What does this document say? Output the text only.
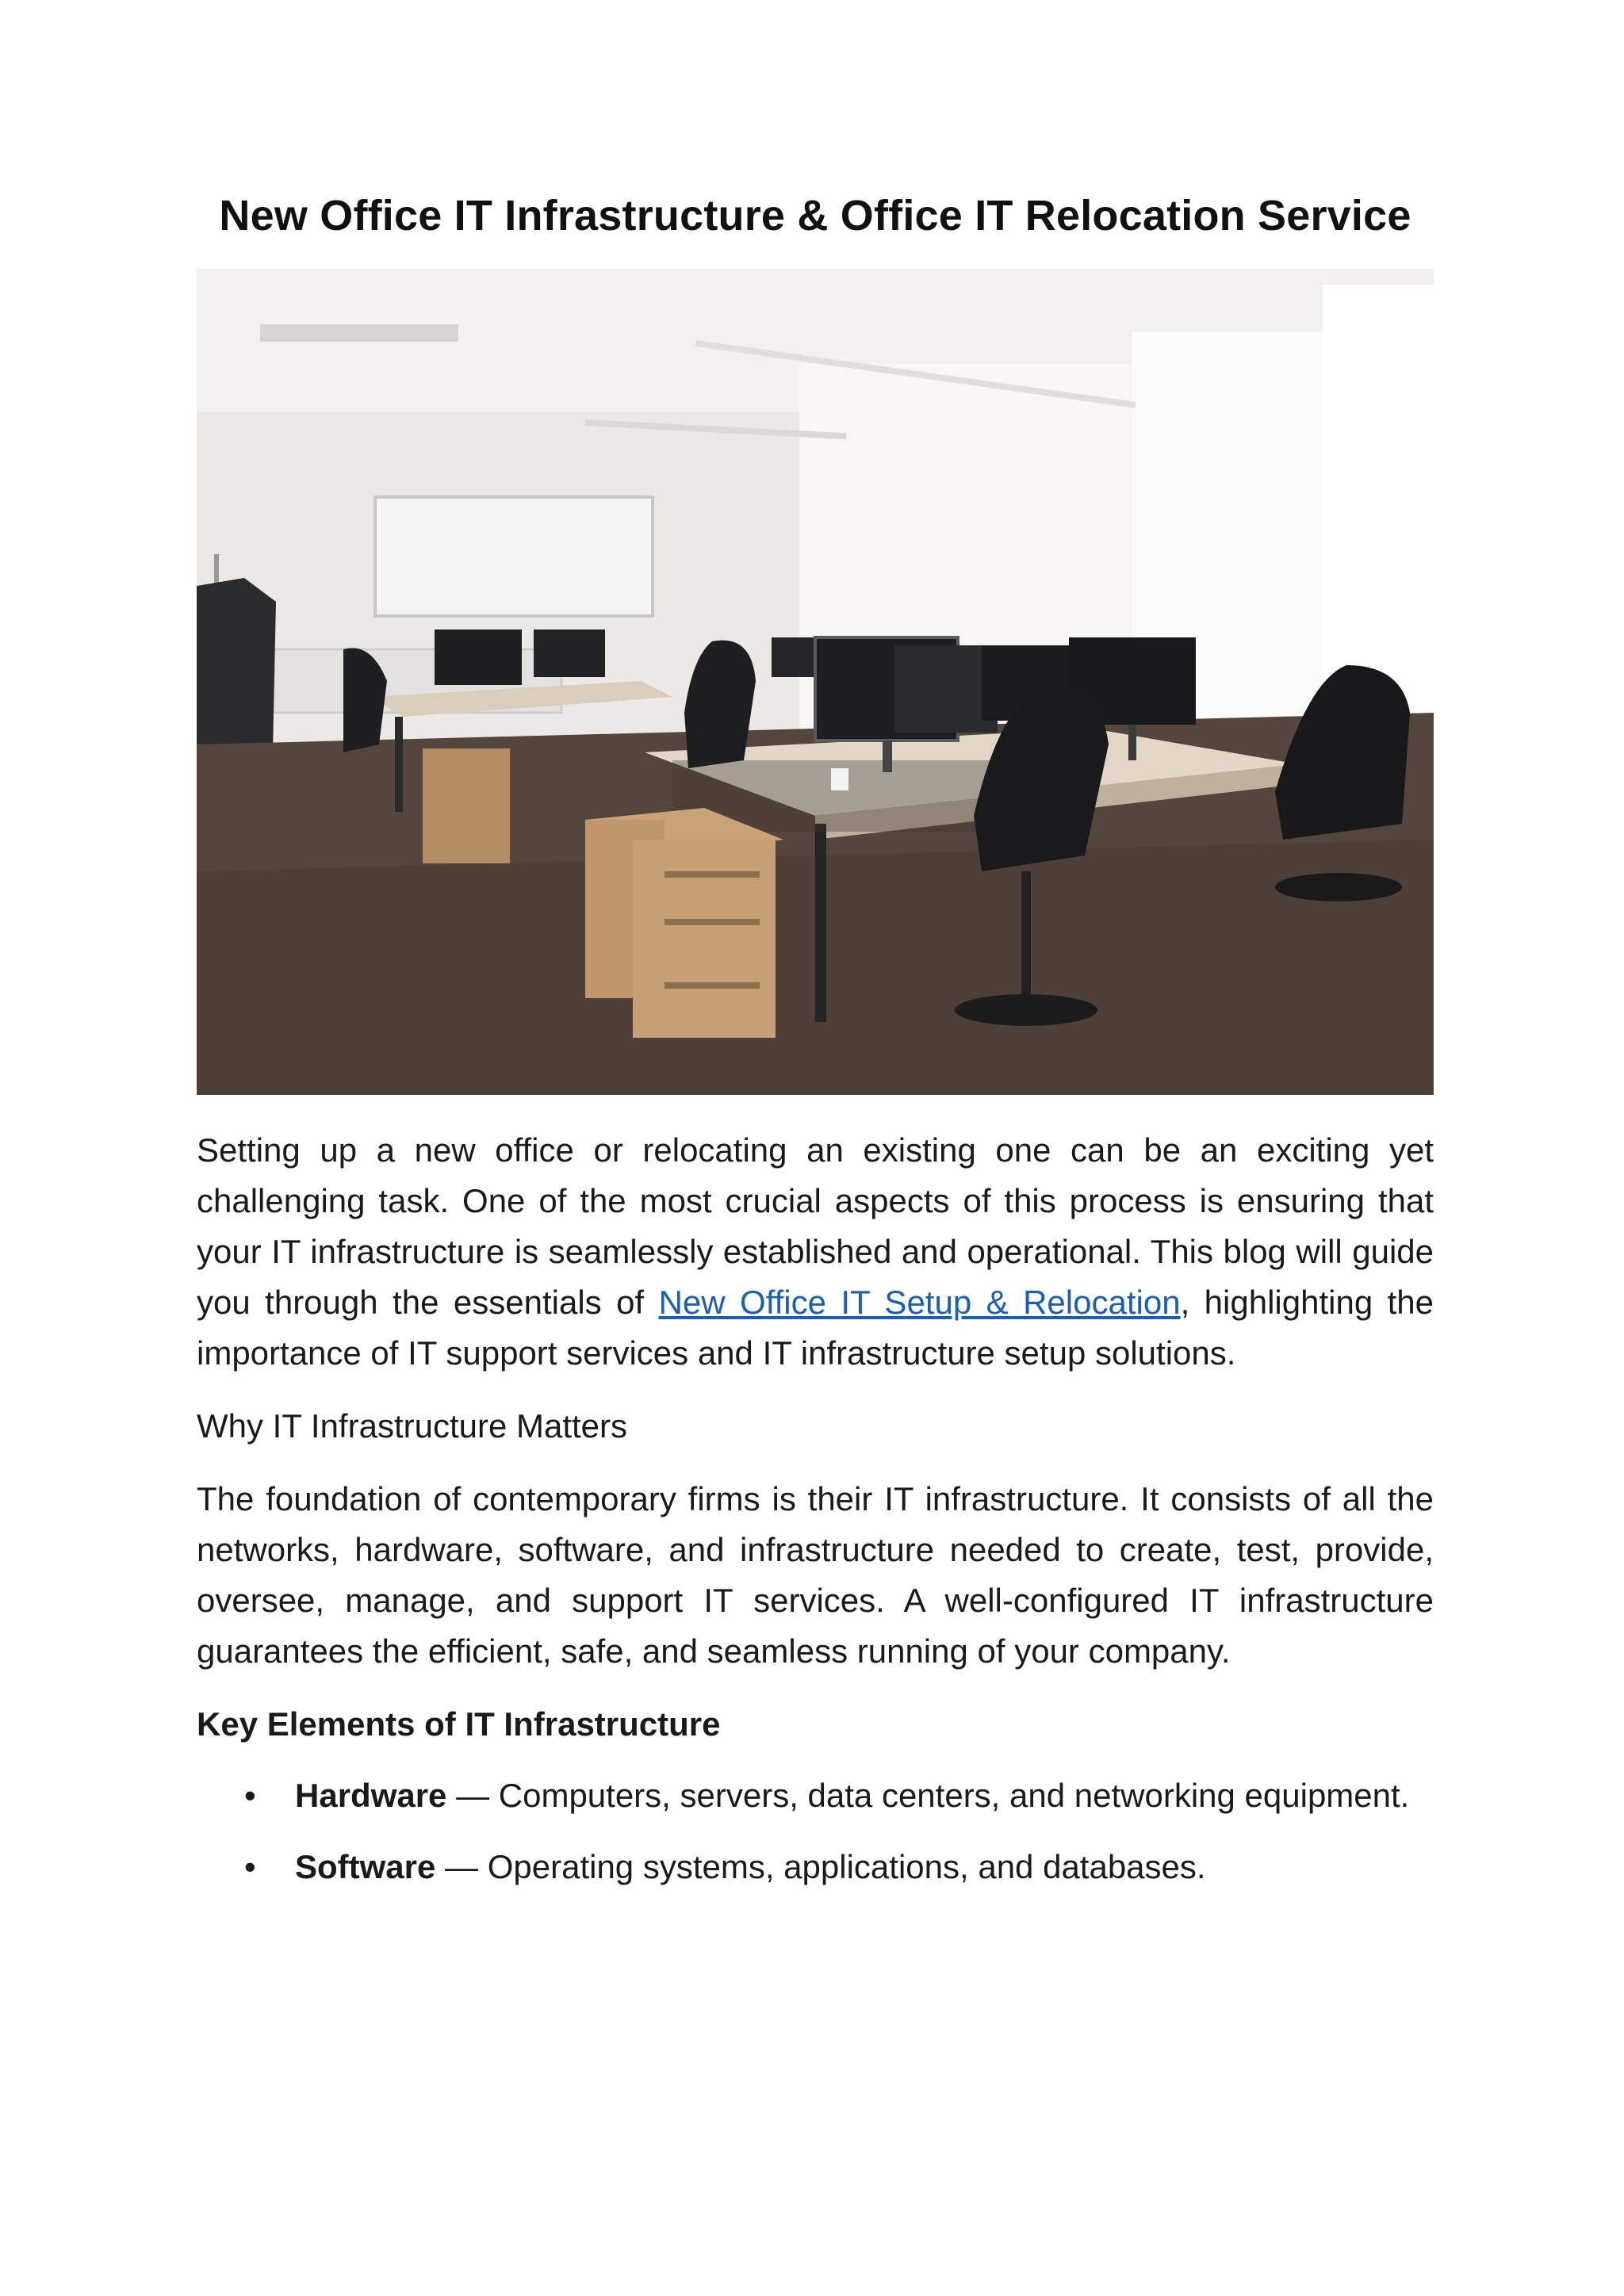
New Office IT Infrastructure & Office IT Relocation Service

Setting up a new office or relocating an existing one can be an exciting yet challenging task. One of the most crucial aspects of this process is ensuring that your IT infrastructure is seamlessly established and operational. This blog will guide you through the essentials of New Office IT Setup & Relocation, highlighting the importance of IT support services and IT infrastructure setup solutions.

Why IT Infrastructure Matters

The foundation of contemporary firms is their IT infrastructure. It consists of all the networks, hardware, software, and infrastructure needed to create, test, provide, oversee, manage, and support IT services. A well-configured IT infrastructure guarantees the efficient, safe, and seamless running of your company.

Key Elements of IT Infrastructure

• Hardware — Computers, servers, data centers, and networking equipment.
• Software — Operating systems, applications, and databases.
